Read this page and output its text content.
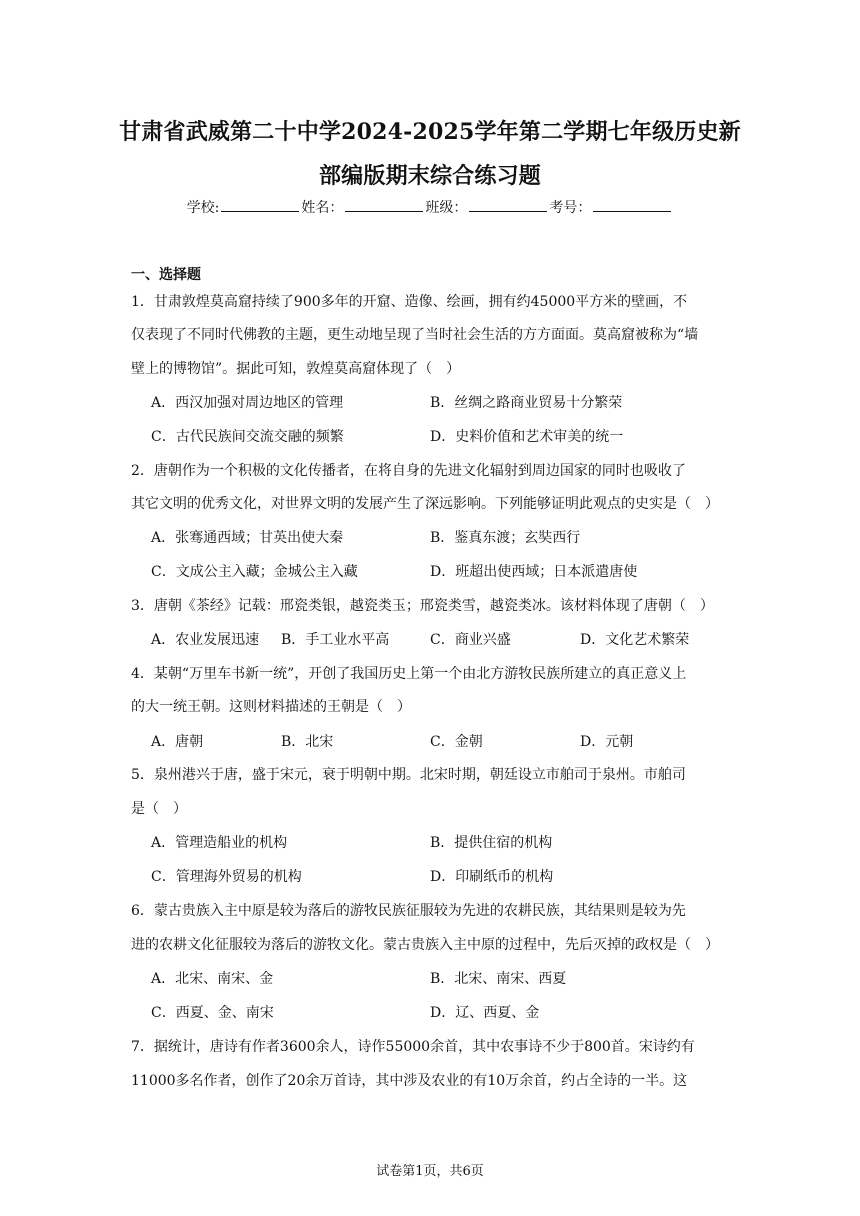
甘肃省武威第二十中学2024-2025学年第二学期七年级历史新
部编版期末综合练习题
学校:	姓名：	班级：	考号：
一、选择题
1．甘肃敦煌莫高窟持续了900多年的开窟、造像、绘画，拥有约45000平方米的壁画，不
仅表现了不同时代佛教的主题，更生动地呈现了当时社会生活的方方面面。莫高窟被称为“墙
壁上的博物馆”。据此可知，敦煌莫高窟体现了（　）
A．西汉加强对周边地区的管理	B．丝绸之路商业贸易十分繁荣
C．古代民族间交流交融的频繁	D．史料价值和艺术审美的统一
2．唐朝作为一个积极的文化传播者，在将自身的先进文化辐射到周边国家的同时也吸收了
其它文明的优秀文化，对世界文明的发展产生了深远影响。下列能够证明此观点的史实是（　）
A．张骞通西域；甘英出使大秦	B．鉴真东渡；玄奘西行
C．文成公主入藏；金城公主入藏	D．班超出使西域；日本派遣唐使
3．唐朝《茶经》记载：邢瓷类银，越瓷类玉；邢瓷类雪，越瓷类冰。该材料体现了唐朝（　）
A．农业发展迅速 B．手工业水平高	C．商业兴盛	D．文化艺术繁荣
4．某朝“万里车书新一统”，开创了我国历史上第一个由北方游牧民族所建立的真正意义上
的大一统王朝。这则材料描述的王朝是（　）
A．唐朝	B．北宋	C．金朝	D．元朝
5．泉州港兴于唐，盛于宋元，衰于明朝中期。北宋时期，朝廷设立市舶司于泉州。市舶司
是（　）
A．管理造船业的机构	B．提供住宿的机构
C．管理海外贸易的机构	D．印刷纸币的机构
6．蒙古贵族入主中原是较为落后的游牧民族征服较为先进的农耕民族，其结果则是较为先
进的农耕文化征服较为落后的游牧文化。蒙古贵族入主中原的过程中，先后灭掉的政权是（　）
A．北宋、南宋、金	B．北宋、南宋、西夏
C．西夏、金、南宋	D．辽、西夏、金
7．据统计，唐诗有作者3600余人，诗作55000余首，其中农事诗不少于800首。宋诗约有
11000多名作者，创作了20余万首诗，其中涉及农业的有10万余首，约占全诗的一半。这
试卷第1页，共6页
